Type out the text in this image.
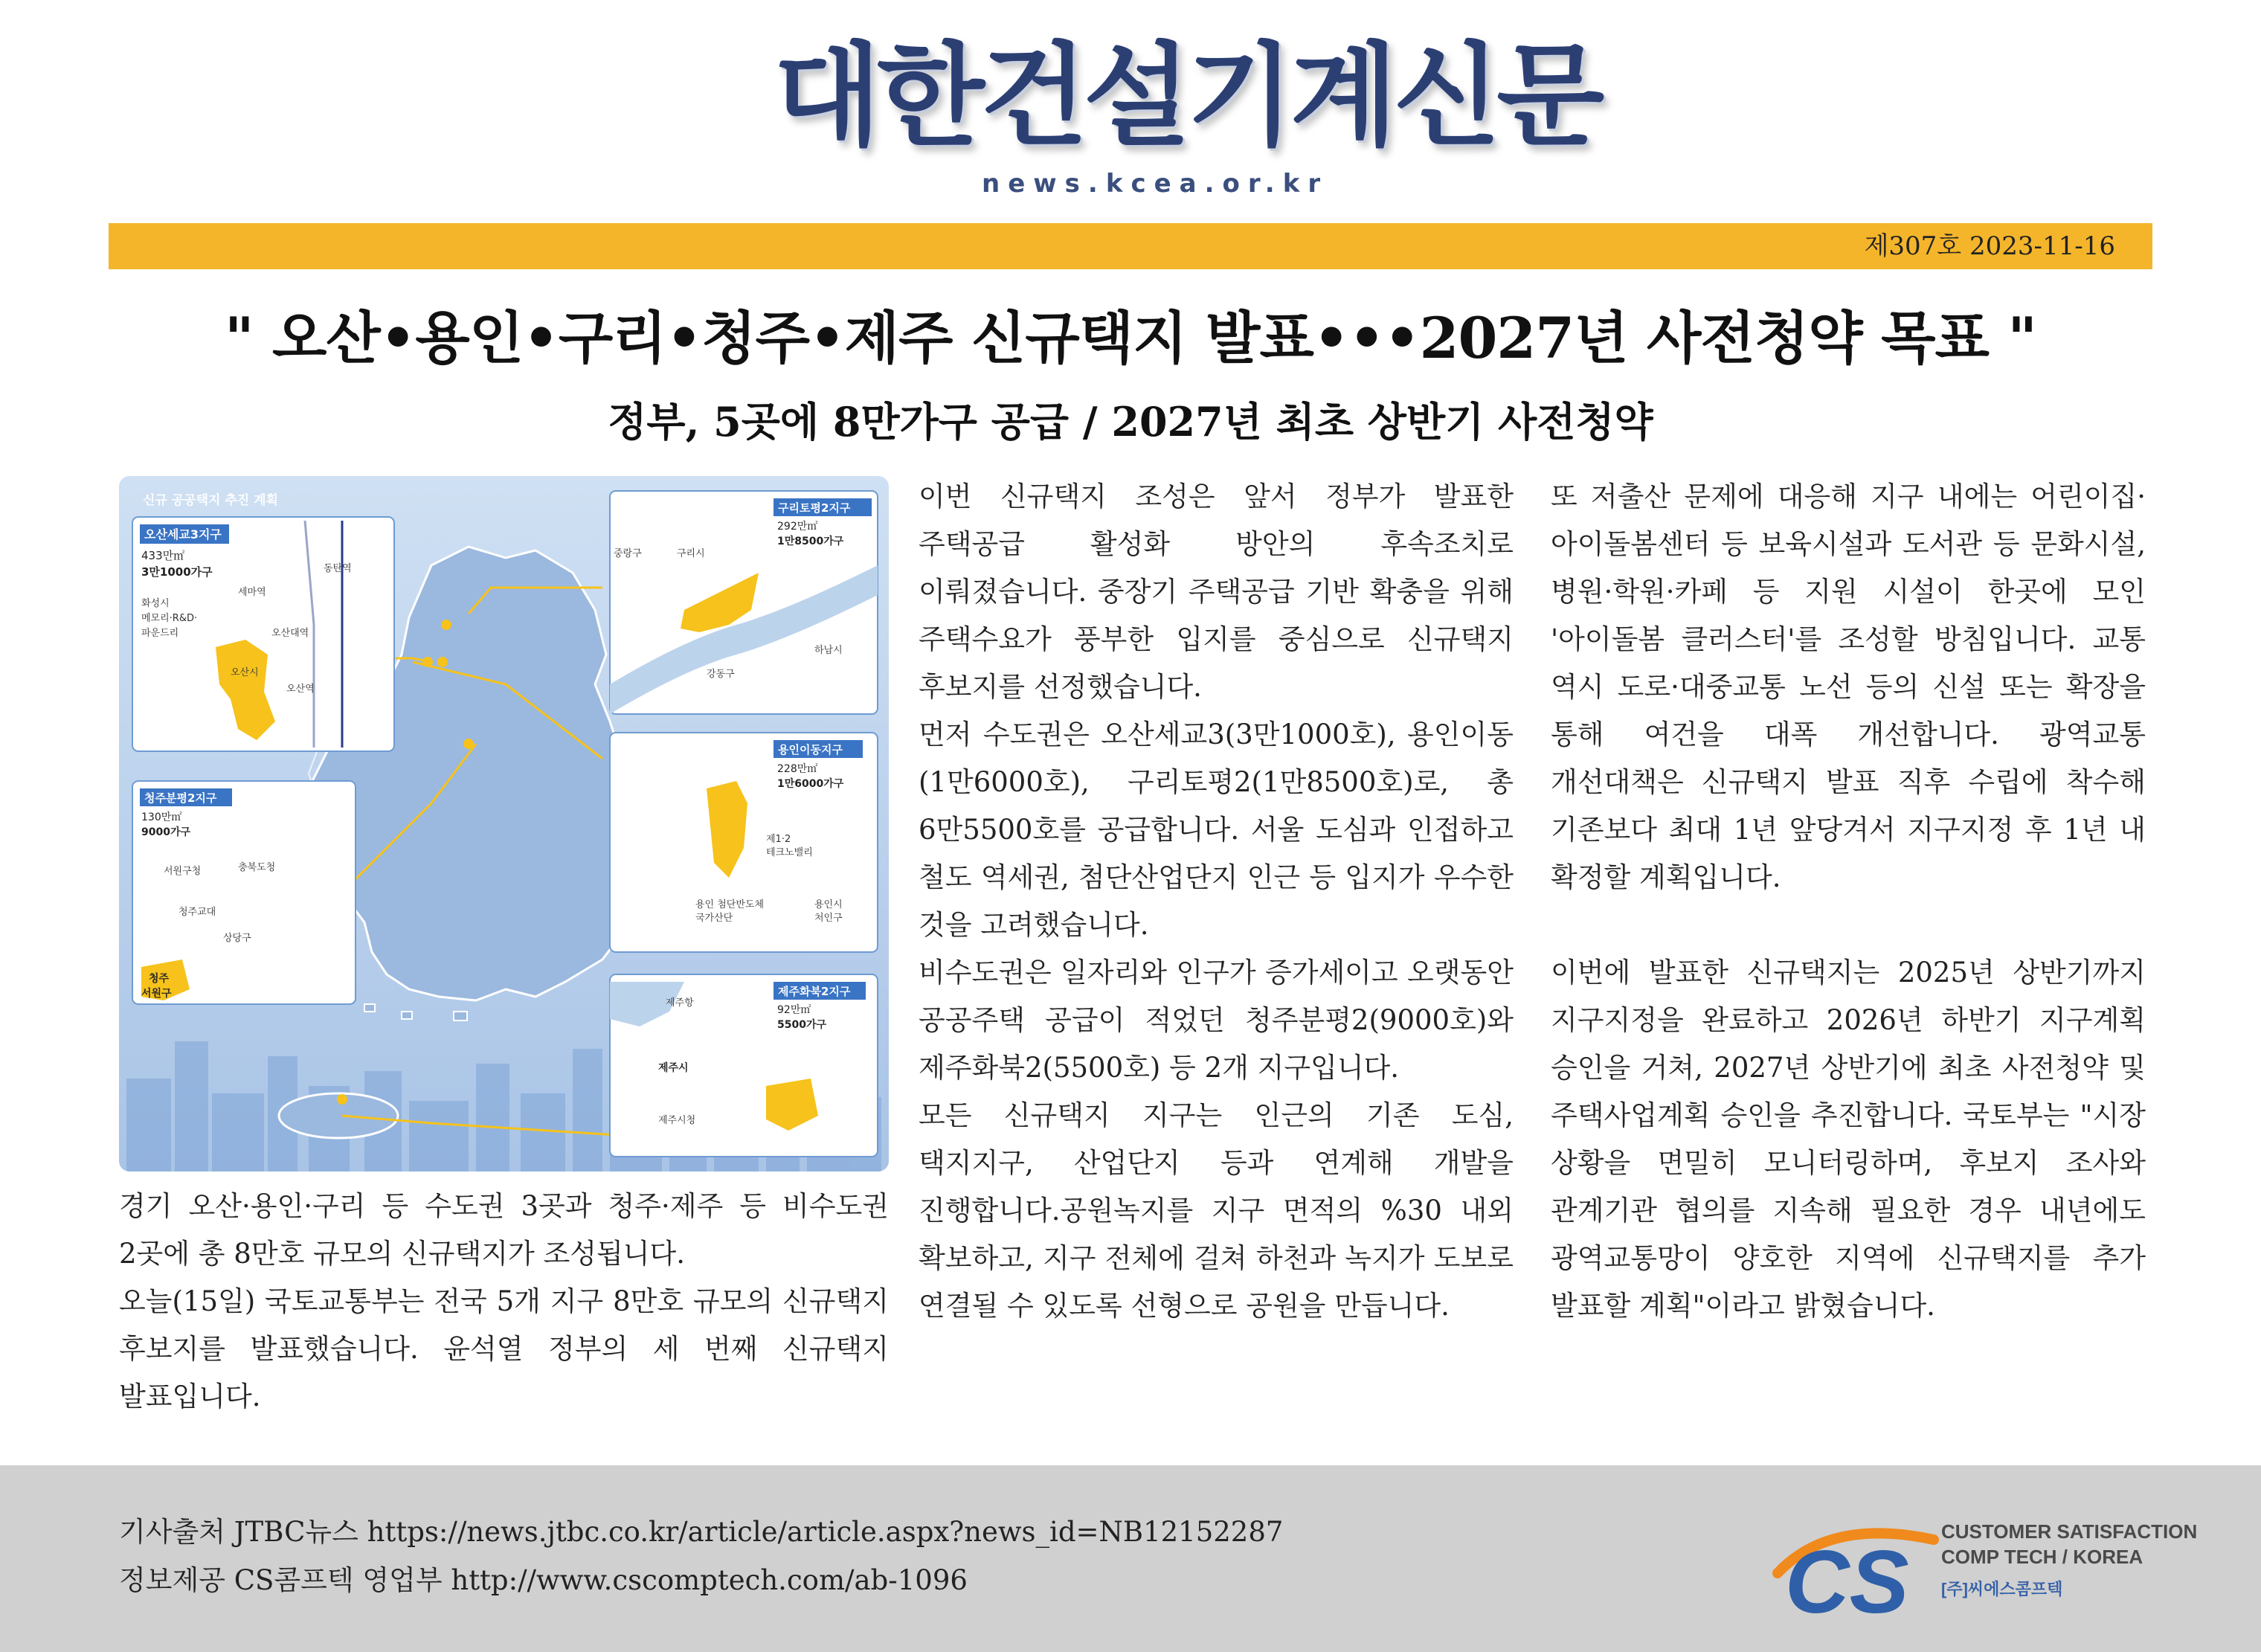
대한건설기계신문
news.kcea.or.kr
제307호 2023-11-16
" 오산•용인•구리•청주•제주 신규택지 발표•••2027년 사전청약 목표 "
정부, 5곳에 8만가구 공급 / 2027년 최초 상반기 사전청약
신규 공공택지 추진 계획
오산세교3지구
433만㎡
3만1000가구
세마역
동탄역
화성시
메모리·R&D·
파운드리	오산대역
오산시
오산역
구리토평2지구
292만㎡
1만8500가구
중랑구	구리시
하남시
강동구
청주분평2지구
130만㎡
9000가구
서원구청	충북도청
청주교대
상당구
청주
서원구
용인이동지구
228만㎡
1만6000가구
제1·2
테크노밸리
용인 첨단반도체
국가산단
용인시
처인구
제주화북2지구
92만㎡
5500가구
제주항
제주시
제주시청

경기 오산·용인·구리 등 수도권 3곳과 청주·제주 등 비수도권 2곳에 총 8만호 규모의 신규택지가 조성됩니다.

오늘(15일) 국토교통부는 전국 5개 지구 8만호 규모의 신규택지 후보지를 발표했습니다. 윤석열 정부의 세 번째 신규택지 발표입니다.

이번 신규택지 조성은 앞서 정부가 발표한 주택공급 활성화 방안의 후속조치로 이뤄졌습니다. 중장기 주택공급 기반 확충을 위해 주택수요가 풍부한 입지를 중심으로 신규택지 후보지를 선정했습니다.

먼저 수도권은 오산세교3(3만1000호), 용인이동(1만6000호), 구리토평2(1만8500호)로, 총 6만5500호를 공급합니다. 서울 도심과 인접하고 철도 역세권, 첨단산업단지 인근 등 입지가 우수한 것을 고려했습니다.

비수도권은 일자리와 인구가 증가세이고 오랫동안 공공주택 공급이 적었던 청주분평2(9000호)와 제주화북2(5500호) 등 2개 지구입니다.

모든 신규택지 지구는 인근의 기존 도심, 택지지구, 산업단지 등과 연계해 개발을 진행합니다.공원녹지를 지구 면적의 %30 내외 확보하고, 지구 전체에 걸쳐 하천과 녹지가 도보로 연결될 수 있도록 선형으로 공원을 만듭니다.

또 저출산 문제에 대응해 지구 내에는 어린이집·아이돌봄센터 등 보육시설과 도서관 등 문화시설, 병원·학원·카페 등 지원 시설이 한곳에 모인 '아이돌봄 클러스터'를 조성할 방침입니다. 교통 역시 도로·대중교통 노선 등의 신설 또는 확장을 통해 여건을 대폭 개선합니다. 광역교통 개선대책은 신규택지 발표 직후 수립에 착수해 기존보다 최대 1년 앞당겨서 지구지정 후 1년 내 확정할 계획입니다.

이번에 발표한 신규택지는 2025년 상반기까지 지구지정을 완료하고 2026년 하반기 지구계획 승인을 거쳐, 2027년 상반기에 최초 사전청약 및 주택사업계획 승인을 추진합니다. 국토부는 "시장 상황을 면밀히 모니터링하며, 후보지 조사와 관계기관 협의를 지속해 필요한 경우 내년에도 광역교통망이 양호한 지역에 신규택지를 추가 발표할 계획"이라고 밝혔습니다.

기사출처 JTBC뉴스 https://news.jtbc.co.kr/article/article.aspx?news_id=NB12152287
정보제공 CS콤프텍 영업부 http://www.cscomptech.com/ab-1096	CS
CUSTOMER SATISFACTION
COMP TECH / KOREA
[주]씨에스콤프텍
